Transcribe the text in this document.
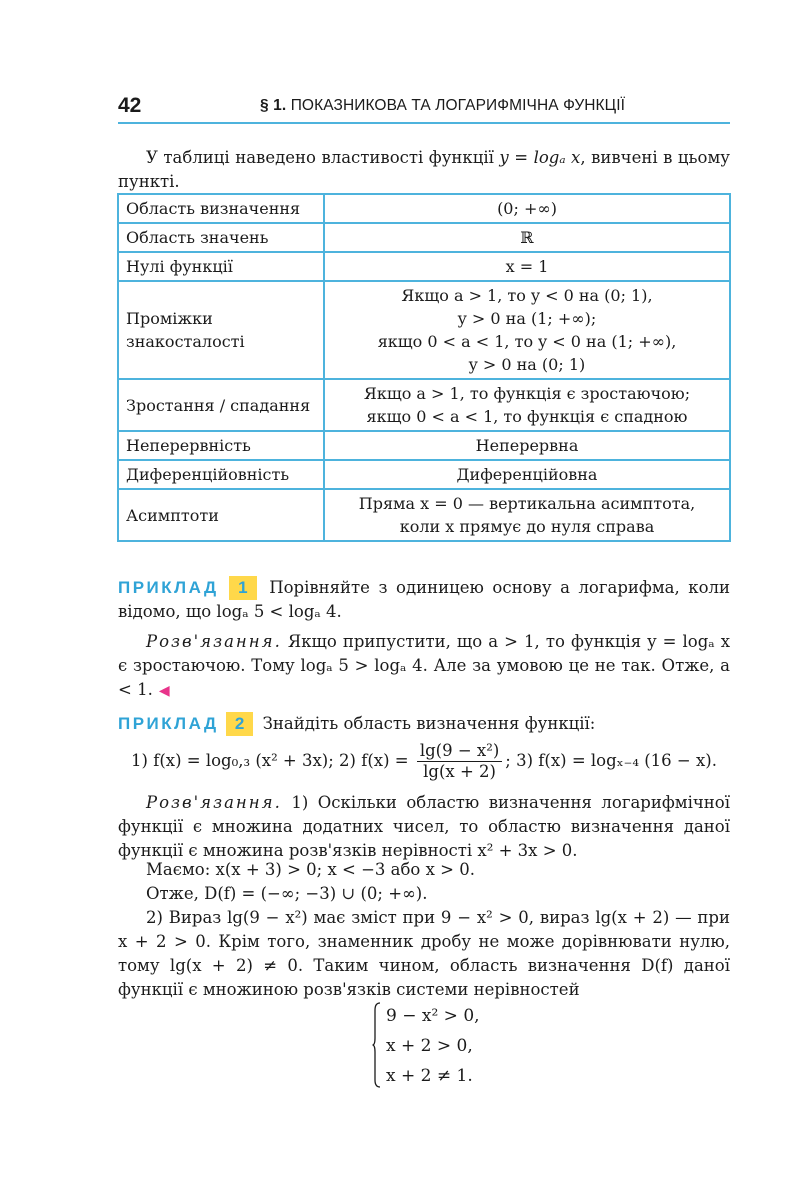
42	§ 1. ПОКАЗНИКОВА ТА ЛОГАРИФМІЧНА ФУНКЦІЇ

У таблиці наведено властивості функції y = logₐ x, вивчені в цьому пункті.

Область визначення	(0; +∞)

Область значень	ℝ

Нулі функції	x = 1

Проміжки знакосталості	Якщо a > 1, то y < 0 на (0; 1),
y > 0 на (1; +∞);
якщо 0 < a < 1, то y < 0 на (1; +∞),
y > 0 на (0; 1)

Зростання / спадання	Якщо a > 1, то функція є зростаючою;
якщо 0 < a < 1, то функція є спадною

Неперервність	Неперервна

Диференційовність	Диференційовна

Асимптоти	Пряма x = 0 — вертикальна асимптота,
коли x прямує до нуля справа

ПРИКЛАД 1 Порівняйте з одиницею основу a логарифма, коли відомо, що logₐ 5 < logₐ 4.

Розв'язання. Якщо припустити, що a > 1, то функція y = logₐ x є зростаючою. Тому logₐ 5 > logₐ 4. Але за умовою це не так. Отже, a < 1. ◀

ПРИКЛАД 2 Знайдіть область визначення функції:

1) f(x) = log₀,₃ (x² + 3x); 2) $f(x) = \frac{\text{lg(9 − x²)}}{\lg(x + 2)}$ ; 3) f(x) = logₓ₋₄ (16 − x).

Розв'язання. 1) Оскільки областю визначення логарифмічної функції є множина додатних чисел, то областю визначення даної функції є множина розв'язків нерівності x² + 3x > 0.

Маємо: x(x + 3) > 0; x < −3 або x > 0.

Отже, D(f) = (−∞; −3) ∪ (0; +∞).

2) Вираз lg(9 − x²) має зміст при 9 − x² > 0, вираз lg(x + 2) — при x + 2 > 0. Крім того, знаменник дробу не може дорівнювати нулю, тому lg(x + 2) ≠ 0. Таким чином, область визначення D(f) даної функції є множиною розв'язків системи нерівностей

9 − x² > 0,
x + 2 > 0,
x + 2 ≠ 1.
